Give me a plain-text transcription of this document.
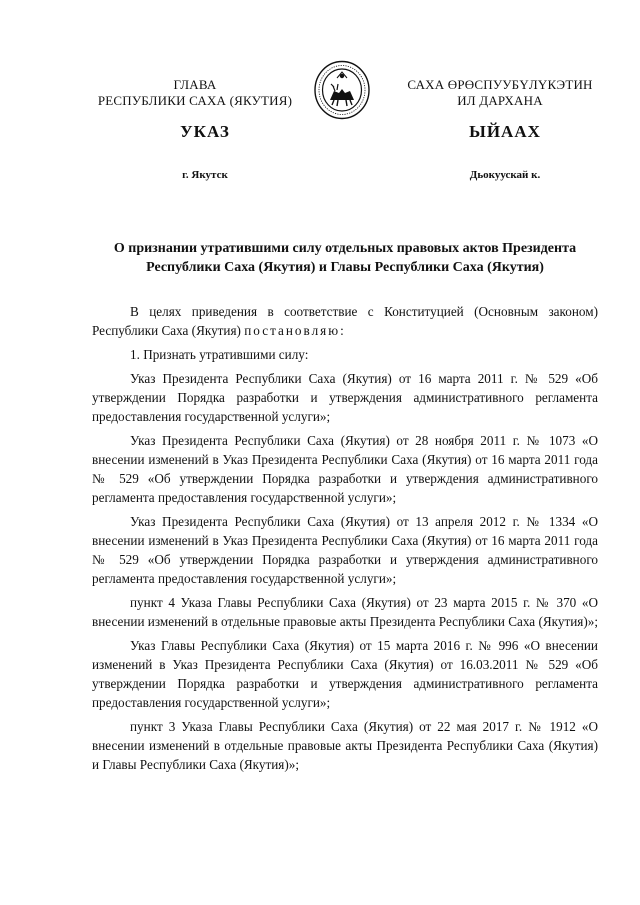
ГЛАВА
РЕСПУБЛИКИ САХА (ЯКУТИЯ)
САХА ӨРӨСПУУБҮЛҮКЭТИН
ИЛ ДАРХАНА
УКАЗ	ЫЙААХ
г. Якутск	Дьокуускай к.
О признании утратившими силу отдельных правовых актов Президента
Республики Саха (Якутия) и Главы Республики Саха (Якутия)

В целях приведения в соответствие с Конституцией (Основным законом) Республики Саха (Якутия) постановляю:

1. Признать утратившими силу:

Указ Президента Республики Саха (Якутия) от 16 марта 2011 г. № 529 «Об утверждении Порядка разработки и утверждения административного регламента предоставления государственной услуги»;

Указ Президента Республики Саха (Якутия) от 28 ноября 2011 г. № 1073 «О внесении изменений в Указ Президента Республики Саха (Якутия) от 16 марта 2011 года № 529 «Об утверждении Порядка разработки и утверждения административного регламента предоставления государственной услуги»;

Указ Президента Республики Саха (Якутия) от 13 апреля 2012 г. № 1334 «О внесении изменений в Указ Президента Республики Саха (Якутия) от 16 марта 2011 года № 529 «Об утверждении Порядка разработки и утверждения административного регламента предоставления государственной услуги»;

пункт 4 Указа Главы Республики Саха (Якутия) от 23 марта 2015 г. № 370 «О внесении изменений в отдельные правовые акты Президента Республики Саха (Якутия)»;

Указ Главы Республики Саха (Якутия) от 15 марта 2016 г. № 996 «О внесении изменений в Указ Президента Республики Саха (Якутия) от 16.03.2011 № 529 «Об утверждении Порядка разработки и утверждения административного регламента предоставления государственной услуги»;

пункт 3 Указа Главы Республики Саха (Якутия) от 22 мая 2017 г. № 1912 «О внесении изменений в отдельные правовые акты Президента Республики Саха (Якутия) и Главы Республики Саха (Якутия)»;
